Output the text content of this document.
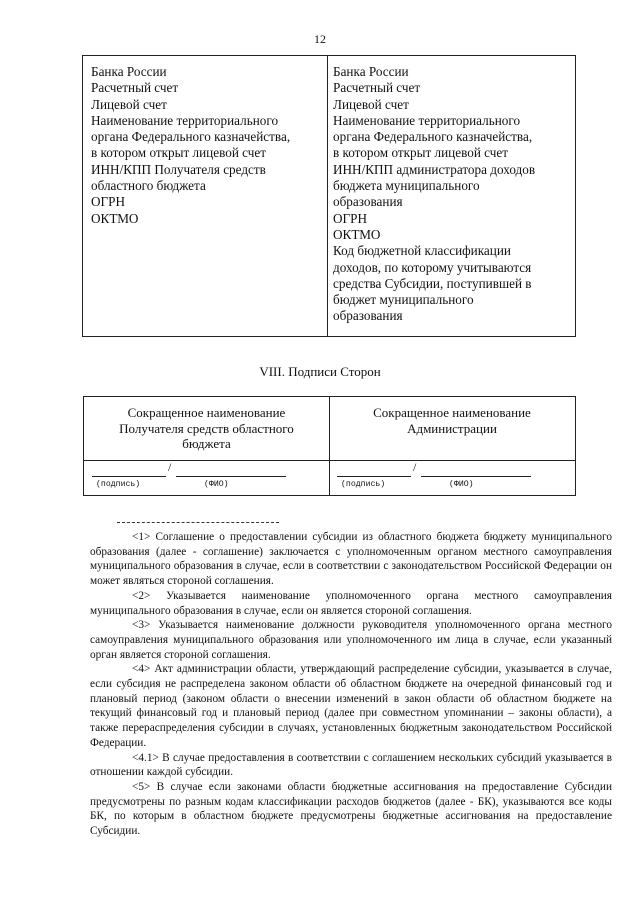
12
Банка России
Расчетный счет
Лицевой счет
Наименование территориального
органа Федерального казначейства,
в котором открыт лицевой счет
ИНН/КПП Получателя средств
областного бюджета
ОГРН
ОКТМО
Банка России
Расчетный счет
Лицевой счет
Наименование территориального
органа Федерального казначейства,
в котором открыт лицевой счет
ИНН/КПП администратора доходов
бюджета муниципального
образования
ОГРН
ОКТМО
Код бюджетной классификации
доходов, по которому учитываются
средства Субсидии, поступившей в
бюджет муниципального
образования
VIII. Подписи Сторон
Сокращенное наименование
Получателя средств областного
бюджета
/
(подпись)	(ФИО)
Сокращенное наименование
Администрации
/
(подпись)	(ФИО)

<1> Соглашение о предоставлении субсидии из областного бюджета бюджету муниципального образования (далее - соглашение) заключается с уполномоченным органом местного самоуправления муниципального образования в случае, если в соответствии с законодательством Российской Федерации он может являться стороной соглашения.

<2> Указывается наименование уполномоченного органа местного самоуправления муниципального образования в случае, если он является стороной соглашения.

<3> Указывается наименование должности руководителя уполномоченного органа местного самоуправления муниципального образования или уполномоченного им лица в случае, если указанный орган является стороной соглашения.

<4> Акт администрации области, утверждающий распределение субсидии, указывается в случае, если субсидия не распределена законом области об областном бюджете на очередной финансовый год и плановый период (законом области о внесении изменений в закон области об областном бюджете на текущий финансовый год и плановый период (далее при совместном упоминании – законы области), а также перераспределения субсидии в случаях, установленных бюджетным законодательством Российской Федерации.

<4.1> В случае предоставления в соответствии с соглашением нескольких субсидий указывается в отношении каждой субсидии.

<5> В случае если законами области бюджетные ассигнования на предоставление Субсидии предусмотрены по разным кодам классификации расходов бюджетов (далее - БК), указываются все коды БК, по которым в областном бюджете предусмотрены бюджетные ассигнования на предоставление Субсидии.
